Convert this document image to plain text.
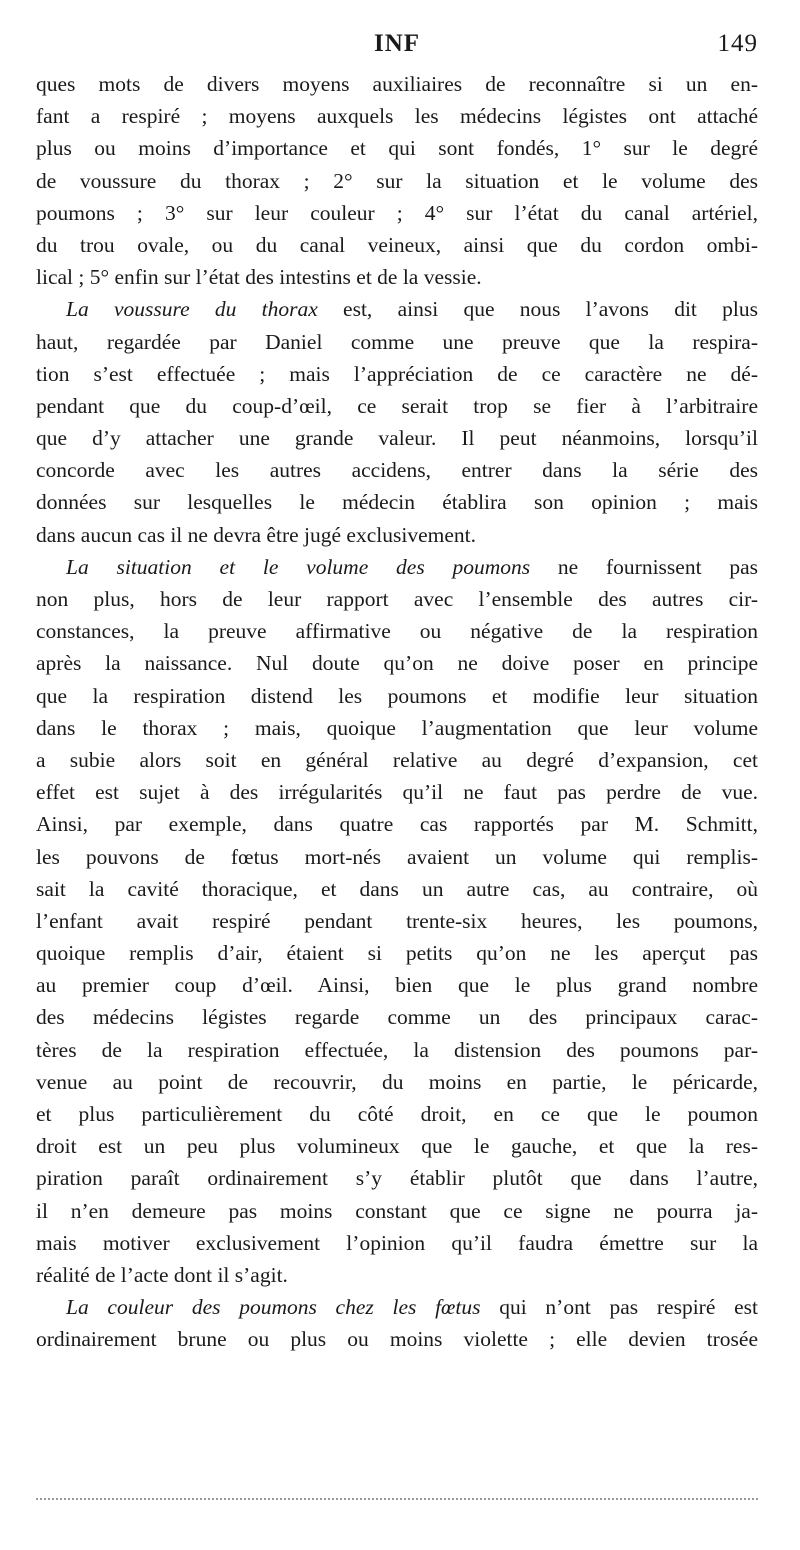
INF	149
ques mots de divers moyens auxiliaires de reconnaître si un en-
fant a respiré ; moyens auxquels les médecins légistes ont attaché
plus ou moins d’importance et qui sont fondés, 1° sur le degré
de voussure du thorax ; 2° sur la situation et le volume des
poumons ; 3° sur leur couleur ; 4° sur l’état du canal artériel,
du trou ovale, ou du canal veineux, ainsi que du cordon ombi-
lical ; 5° enfin sur l’état des intestins et de la vessie.
La voussure du thorax est, ainsi que nous l’avons dit plus
haut, regardée par Daniel comme une preuve que la respira-
tion s’est effectuée ; mais l’appréciation de ce caractère ne dé-
pendant que du coup-d’œil, ce serait trop se fier à l’arbitraire
que d’y attacher une grande valeur. Il peut néanmoins, lorsqu’il
concorde avec les autres accidens, entrer dans la série des
données sur lesquelles le médecin établira son opinion ; mais
dans aucun cas il ne devra être jugé exclusivement.
La situation et le volume des poumons ne fournissent pas
non plus, hors de leur rapport avec l’ensemble des autres cir-
constances, la preuve affirmative ou négative de la respiration
après la naissance. Nul doute qu’on ne doive poser en principe
que la respiration distend les poumons et modifie leur situation
dans le thorax ; mais, quoique l’augmentation que leur volume
a subie alors soit en général relative au degré d’expansion, cet
effet est sujet à des irrégularités qu’il ne faut pas perdre de vue.
Ainsi, par exemple, dans quatre cas rapportés par M. Schmitt,
les pouvons de fœtus mort-nés avaient un volume qui remplis-
sait la cavité thoracique, et dans un autre cas, au contraire, où
l’enfant avait respiré pendant trente-six heures, les poumons,
quoique remplis d’air, étaient si petits qu’on ne les aperçut pas
au premier coup d’œil. Ainsi, bien que le plus grand nombre
des médecins légistes regarde comme un des principaux carac-
tères de la respiration effectuée, la distension des poumons par-
venue au point de recouvrir, du moins en partie, le péricarde,
et plus particulièrement du côté droit, en ce que le poumon
droit est un peu plus volumineux que le gauche, et que la res-
piration paraît ordinairement s’y établir plutôt que dans l’autre,
il n’en demeure pas moins constant que ce signe ne pourra ja-
mais motiver exclusivement l’opinion qu’il faudra émettre sur la
réalité de l’acte dont il s’agit.
La couleur des poumons chez les fœtus qui n’ont pas respiré est
ordinairement brune ou plus ou moins violette ; elle devien trosée
